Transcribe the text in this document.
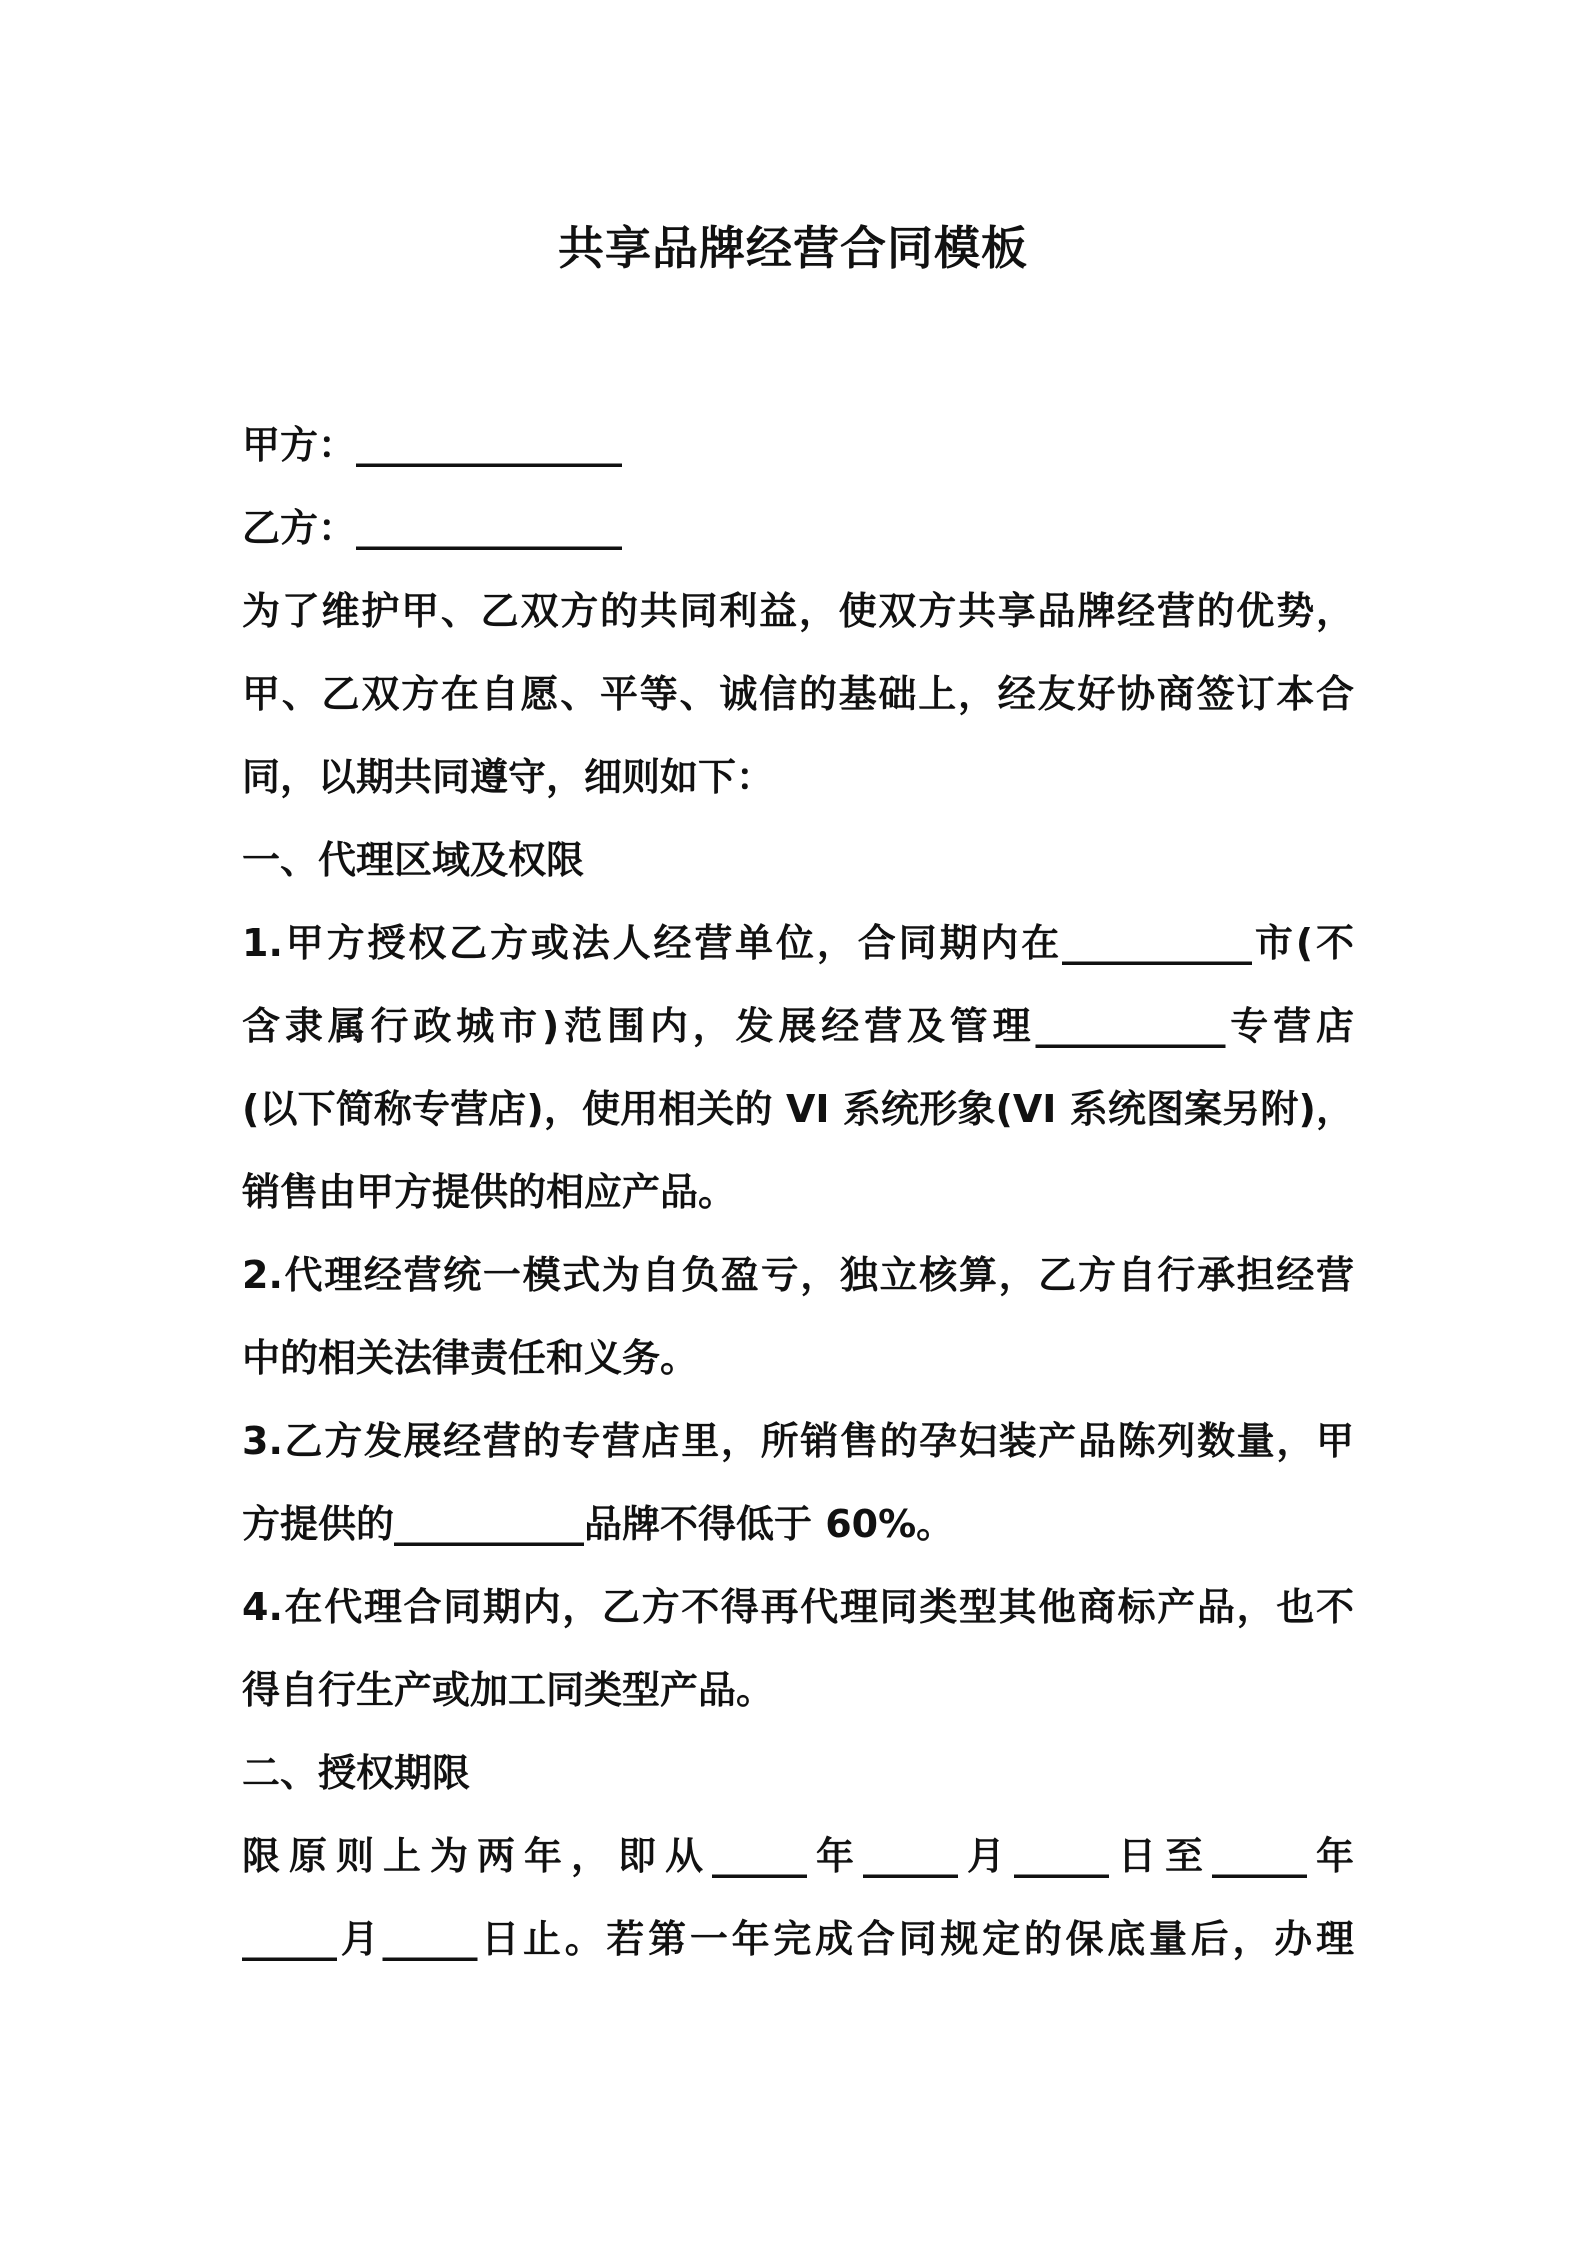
共享品牌经营合同模板
甲方：______________
乙方：______________
为了维护甲、乙双方的共同利益，使双方共享品牌经营的优势，
甲、乙双方在自愿、平等、诚信的基础上，经友好协商签订本合
同，以期共同遵守，细则如下：
一、代理区域及权限
1.甲方授权乙方或法人经营单位，合同期内在__________市(不
含隶属行政城市)范围内，发展经营及管理__________专营店
(以下简称专营店)，使用相关的 VI 系统形象(VI 系统图案另附)，
销售由甲方提供的相应产品。
2.代理经营统一模式为自负盈亏，独立核算，乙方自行承担经营
中的相关法律责任和义务。
3.乙方发展经营的专营店里，所销售的孕妇装产品陈列数量，甲
方提供的__________品牌不得低于 60%。
4.在代理合同期内，乙方不得再代理同类型其他商标产品，也不
得自行生产或加工同类型产品。
二、授权期限
限原则上为两年，即从_____年_____月_____日至_____年
_____月_____日止。若第一年完成合同规定的保底量后，办理
